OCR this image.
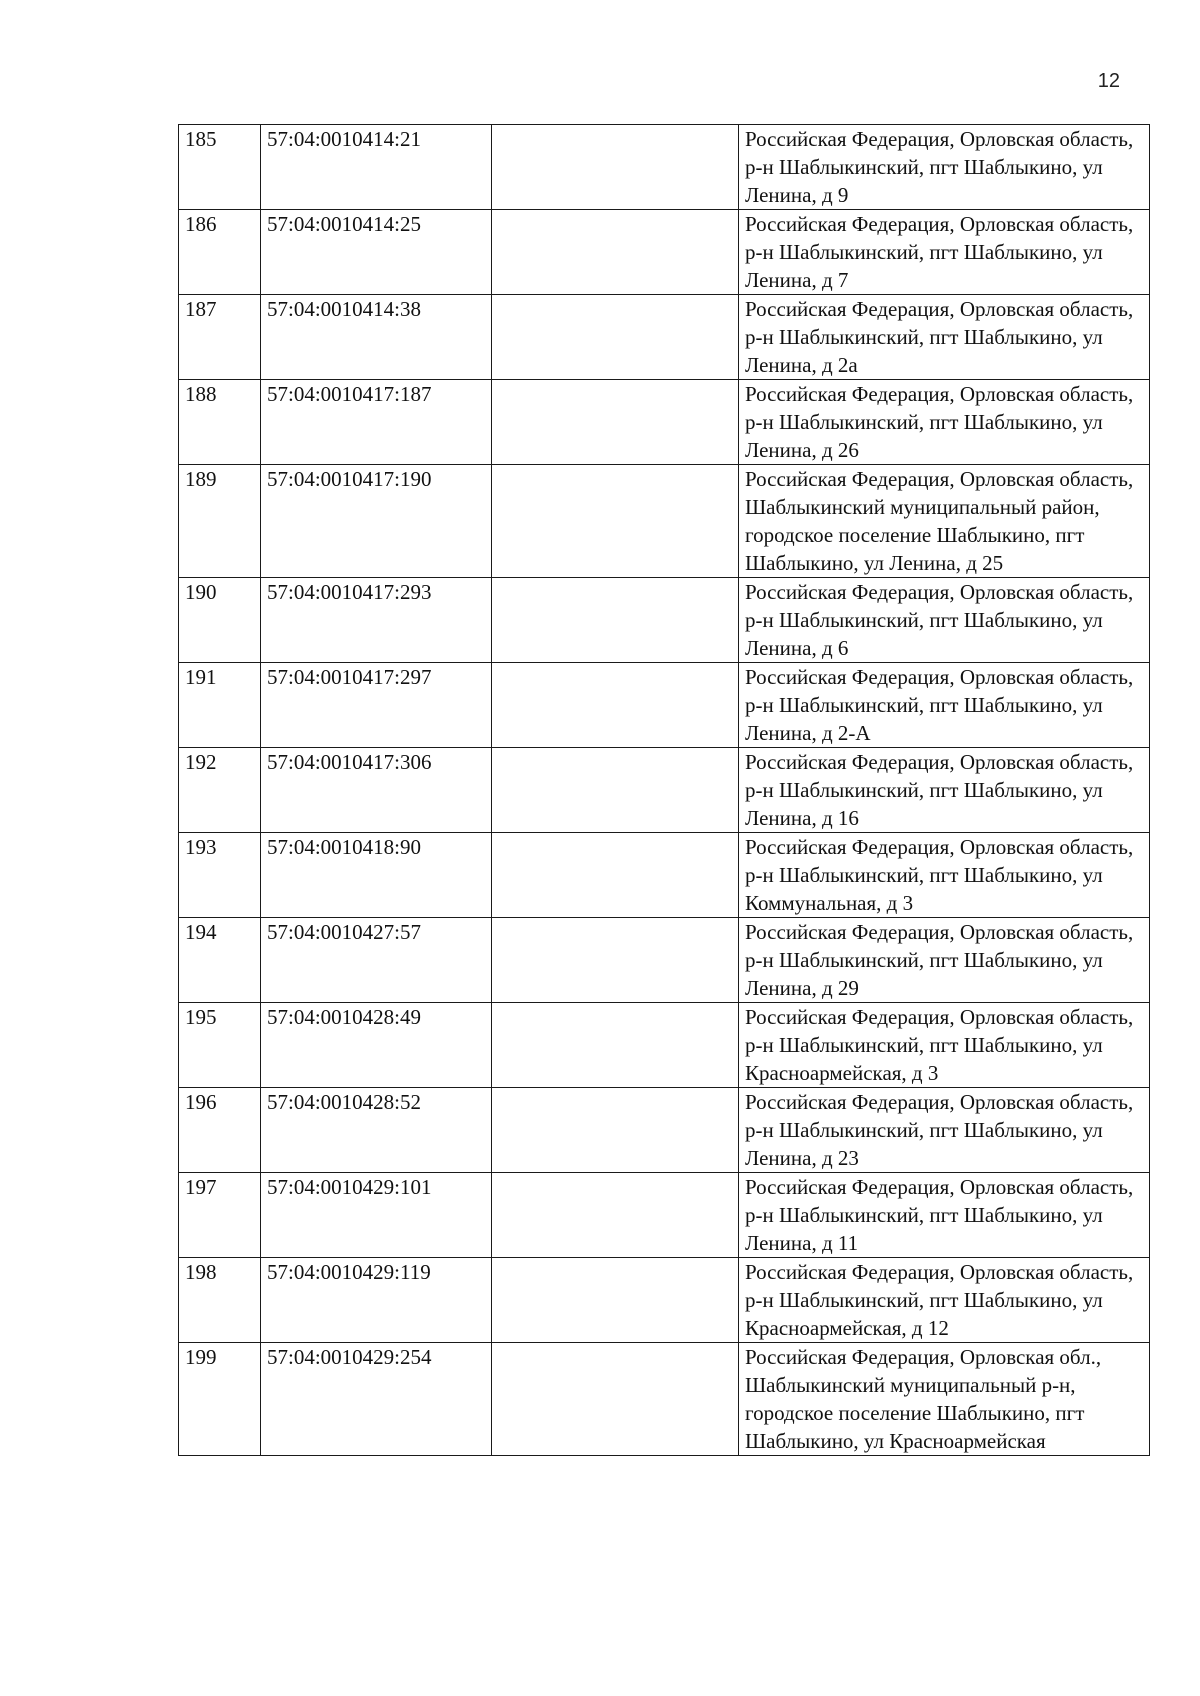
12
185	57:04:0010414:21		Российская Федерация, Орловская область, р-н Шаблыкинский, пгт Шаблыкино, ул Ленина, д 9
186	57:04:0010414:25		Российская Федерация, Орловская область, р-н Шаблыкинский, пгт Шаблыкино, ул Ленина, д 7
187	57:04:0010414:38		Российская Федерация, Орловская область, р-н Шаблыкинский, пгт Шаблыкино, ул Ленина, д 2а
188	57:04:0010417:187		Российская Федерация, Орловская область, р-н Шаблыкинский, пгт Шаблыкино, ул Ленина, д 26
189	57:04:0010417:190		Российская Федерация, Орловская область, Шаблыкинский муниципальный район, городское поселение Шаблыкино, пгт Шаблыкино, ул Ленина, д 25
190	57:04:0010417:293		Российская Федерация, Орловская область, р-н Шаблыкинский, пгт Шаблыкино, ул Ленина, д 6
191	57:04:0010417:297		Российская Федерация, Орловская область, р-н Шаблыкинский, пгт Шаблыкино, ул Ленина, д 2-А
192	57:04:0010417:306		Российская Федерация, Орловская область, р-н Шаблыкинский, пгт Шаблыкино, ул Ленина, д 16
193	57:04:0010418:90		Российская Федерация, Орловская область, р-н Шаблыкинский, пгт Шаблыкино, ул Коммунальная, д 3
194	57:04:0010427:57		Российская Федерация, Орловская область, р-н Шаблыкинский, пгт Шаблыкино, ул Ленина, д 29
195	57:04:0010428:49		Российская Федерация, Орловская область, р-н Шаблыкинский, пгт Шаблыкино, ул Красноармейская, д 3
196	57:04:0010428:52		Российская Федерация, Орловская область, р-н Шаблыкинский, пгт Шаблыкино, ул Ленина, д 23
197	57:04:0010429:101		Российская Федерация, Орловская область, р-н Шаблыкинский, пгт Шаблыкино, ул Ленина, д 11
198	57:04:0010429:119		Российская Федерация, Орловская область, р-н Шаблыкинский, пгт Шаблыкино, ул Красноармейская, д 12
199	57:04:0010429:254		Российская Федерация, Орловская обл., Шаблыкинский муниципальный р-н, городское поселение Шаблыкино, пгт Шаблыкино, ул Красноармейская
